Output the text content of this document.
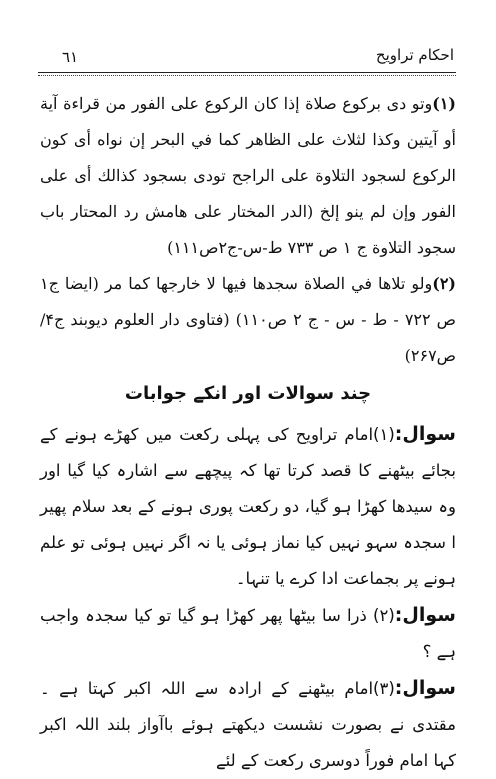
٦١	احکام تراویح

(۱)وتو دى بركوع صلاة إذا كان الركوع على الفور من قراءة آية أو آيتين وكذا لثلاث على الظاهر كما في البحر إن نواه أى كون الركوع لسجود التلاوة على الراجح تودى بسجود كذالك أى على الفور وإن لم ينو إلخ (الدر المختار على هامش رد المحتار باب سجود التلاوة ج ۱ ص ۷۳۳ ط-س-ج۲ص۱۱۱)

(۲)ولو تلاها في الصلاة سجدها فيها لا خارجها كما مر (ايضا ج۱ ص ۷۲۲ - ط - س - ج ۲ ص۱۱۰) (فتاوی دار العلوم دیوبند ج۴/ص۲۶۷)

چند سوالات اور انکے جوابات

سوال:(۱)امام تراویح کی پہلی رکعت میں کھڑے ہونے کے بجائے بیٹھنے کا قصد کرتا تھا کہ پیچھے سے اشارہ کیا گیا اور وہ سیدھا کھڑا ہو گیا، دو رکعت پوری ہونے کے بعد سلام پھیر ا سجدہ سہو نہیں کیا نماز ہوئی یا نہ اگر نہیں ہوئی تو علم ہونے پر بجماعت ادا کرے یا تنہا۔

سوال:(۲) ذرا سا بیٹھا پھر کھڑا ہو گیا تو کیا سجدہ واجب ہے ؟

سوال:(۳)امام بیٹھنے کے ارادہ سے اللہ اکبر کہتا ہے ۔ مقتدی نے بصورت نشست دیکھتے ہوئے باآواز بلند اللہ اکبر کہا امام فوراً دوسری رکعت کے لئے
